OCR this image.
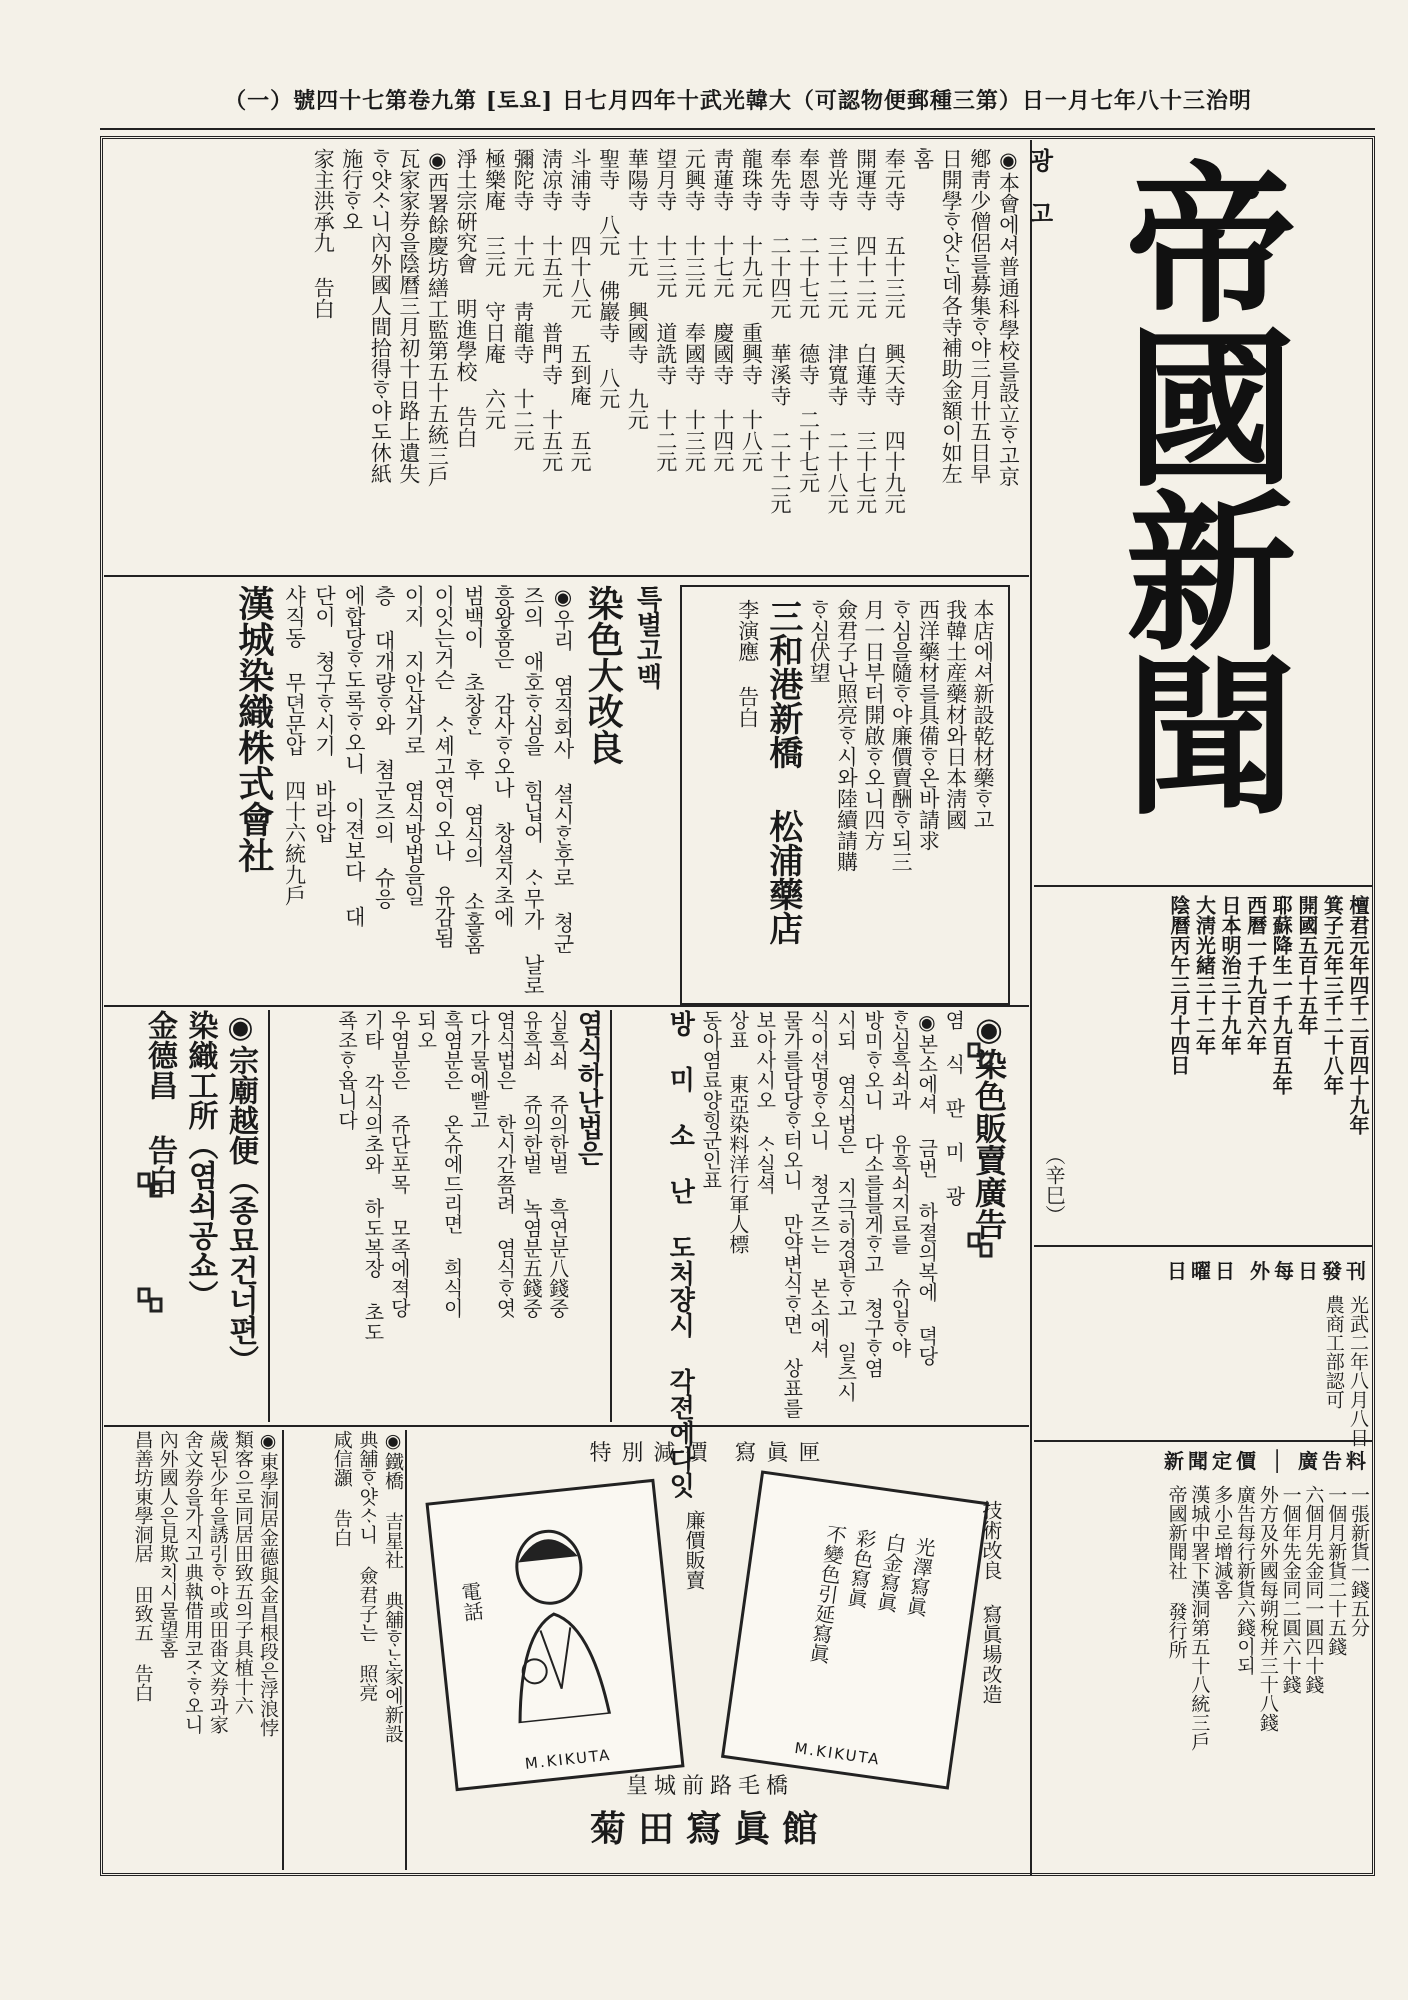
（一）號四十七第卷九第 [토요] 日七月四年十武光韓大（可認物便郵種三第）日一月七年八十三治明
帝國新聞
檀君元年四千二百四十九年
箕子元年三千二十八年
開國五百十五年
耶蘇降生一千九百五年
西曆一千九百六年
日本明治三十九年
大淸光緒三十二年
陰曆丙午三月十四日
（辛巳）
日曜日 外每日發刊
光武二年八月八日
農商工部認可
新聞定價 │ 廣告料
一張新貨一錢五分
一個月新貨二十五錢
六個月先金同一圓四十錢
一個年先金同二圓六十錢
外方及外國每朔稅并三十八錢
廣告每行新貨六錢이되
多小로增減홈
漢城中署下漢洞第五十八統三戶
帝國新聞社 發行所
광 고
◉本會에셔普通科學校를設立ᄒᆞ고京
鄕靑少僧侶를募集ᄒᆞ야三月卄五日早
日開學ᄒᆞ얏ᄂᆞᆫ데各寺補助金額이如左
홈
奉元寺 五十三元 興天寺 四十九元
開運寺 四十二元 白蓮寺 三十七元
普光寺 三十二元 津寬寺 二十八元
奉恩寺 二十七元 德寺 二十七元
奉先寺 二十四元 華溪寺 二十二元
龍珠寺 十九元 重興寺 十八元
靑蓮寺 十七元 慶國寺 十四元
元興寺 十三元 奉國寺 十三元
望月寺 十三元 道詵寺 十二元
華陽寺 十元 興國寺 九元
聖寺 八元 佛巖寺 八元
斗浦寺 四十八元 五到庵 五元
淸凉寺 十五元 普門寺 十五元
彌陀寺 十元 靑龍寺 十二元
極樂庵 三元 守日庵 六元
淨土宗硏究會 明進學校 告白
◉西署餘慶坊繕工監第五十五統三戶
瓦家家券을陰曆三月初十日路上遺失
ᄒᆞ얏ᄉᆞ니內外國人間拾得ᄒᆞ야도休紙
施行ᄒᆞ오
家主洪承九 告白
本店에셔新設乾材藥ᄒᆞ고
我韓土産藥材와日本淸國
西洋藥材를具備ᄒᆞ온바請求
ᄒᆞ심을隨ᄒᆞ야廉價賣酬ᄒᆞ되三
月一日부터開啟ᄒᆞ오니四方
僉君子난照亮ᄒᆞ시와陸續請購
ᄒᆞ심伏望
三和港新橋 松浦藥店
李演應 告白
특별고백
染色大改良
◉우리 염직회사 셜시ᄒᆞᆫ후로 쳥군
즈의 애호ᄒᆞ심을 힘닙어 ᄉᆞ무가 날로
흥왕홈은 감사ᄒᆞ오나 창셜지초에
범백이 초창ᄒᆞᆫ 후 염식의 소홀홈
이잇는거슨 ᄉᆞ셰고연이오나 유감됨
이지 지안삽기로 염식방법을일
층 대개량ᄒᆞ와 쳠군즈의 슈응
에합당ᄒᆞ도록ᄒᆞ오니 이젼보다 대
단이 쳥구ᄒᆞ시기 바라압
샤직동 무뎐문압 四十六統九戶
漢城染織株式會社
◉染色販賣廣告
염 식 판 미 광
◉본소에셔 금번 하졀의복에 뎍당
ᄒᆞᆫ심흑쇠과 유흑쇠지료를 슈입ᄒᆞ야
방미ᄒᆞ오니 다소를블게ᄒᆞ고 쳥구ᄒᆞ염
시되 염식법은 지극히경편ᄒᆞ고 일츠시
식이션명ᄒᆞ오니 쳥군즈는 본소에셔
물가를담당ᄒᆞ터오니 만약변식ᄒᆞ면 상표를
보아사시오 ᄉᆞ실셕
상표 東亞染料洋行軍人標
동아염료양힝군인표
방 미 소 난 도처쟝시 각젼에다잇
염식하난법은
심흑쇠 쥬의한벌 흑연분八錢중
유흑쇠 쥬의한벌 녹염분五錢중
염식법은 한시간쯤려 염식ᄒᆞ엿
다가물에빨고
흑염분은 온슈에드리면 희식이
되오
우염분은 쥬단포목 모족에젹당
기타 각식의초와 하도복장 초도
죡조ᄒᆞ옵니다
◉宗廟越便（종묘건너편）
染織工所（염쇠공쇼）
金德昌 告白
特別減價 寫眞匣
電話
M.KIKUTA
光澤寫眞
白金寫眞
彩色寫眞
不變色引延寫眞
M.KIKUTA
技術改良 寫眞場改造
廉價販賣
皇城前路毛橋
菊田寫眞館
◉鐵橋 吉星社 典舖ᄒᆞᄂᆞᆫ家에新設
典舖ᄒᆞ얏ᄉᆞ니 僉君子는 照亮
咸信灝 告白
◉東學洞居金德與金昌根段은浮浪悖
類客으로同居田致五의子具植十六
歲된少年을誘引ᄒᆞ야或田畓文券과家
舍文券을가지고典執借用코ᄌᆞᄒᆞ오니
內外國人은見欺치시물望홈
昌善坊東學洞居 田致五 告白
